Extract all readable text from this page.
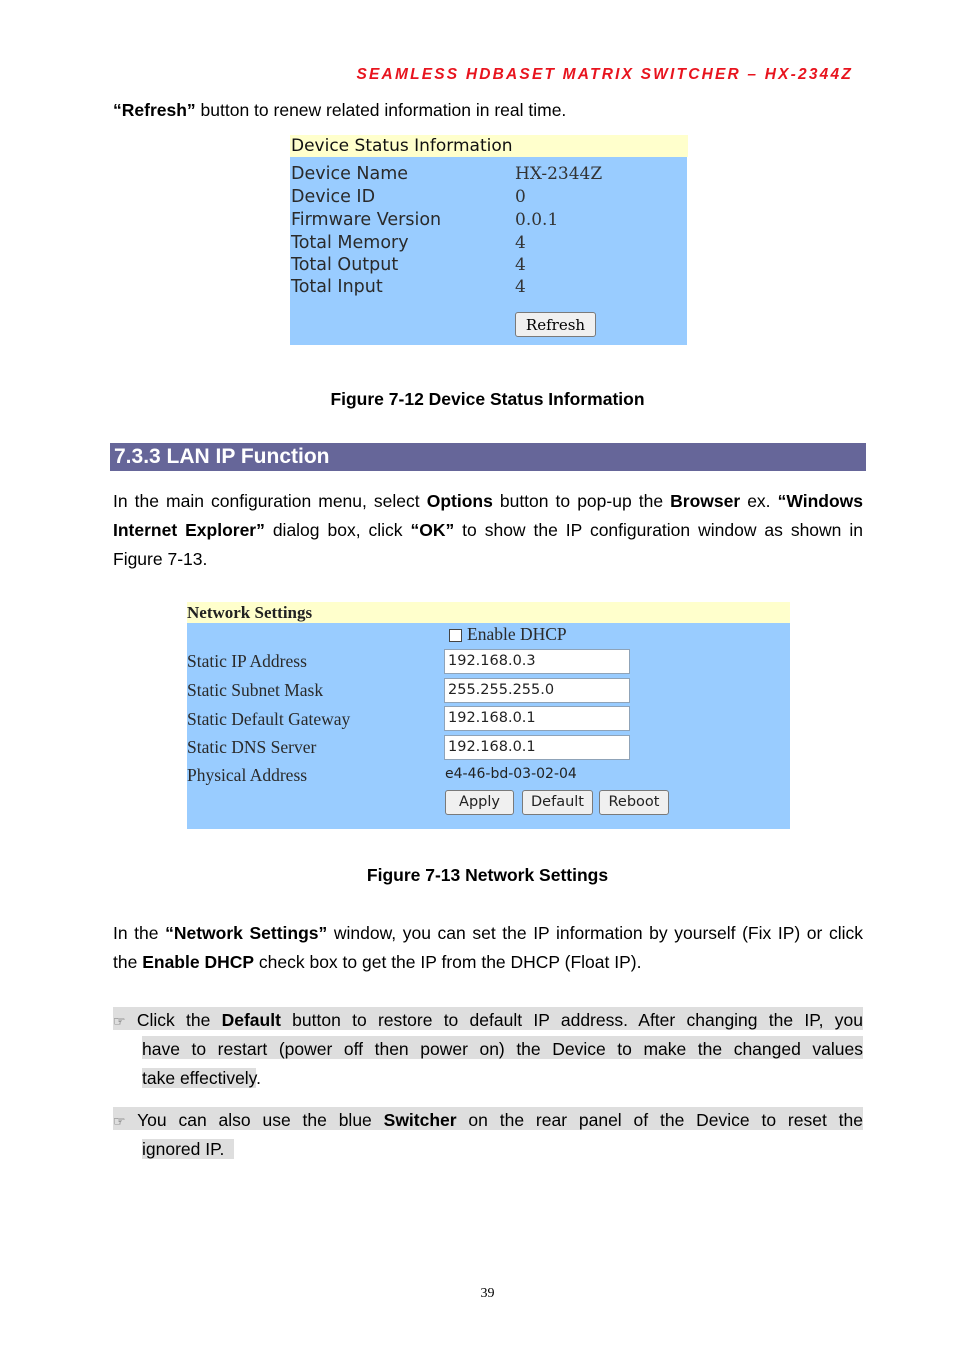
SEAMLESS HDBASET MATRIX SWITCHER – HX-2344Z
“Refresh” button to renew related information in real time.
Device Status Information
Device Name	HX-2344Z
Device ID	0
Firmware Version	0.0.1
Total Memory	4
Total Output	4
Total Input	4
Refresh
Figure 7-12 Device Status Information
7.3.3 LAN IP Function
In the main configuration menu, select Options button to pop-up the Browser ex. “Windows Internet Explorer” dialog box, click “OK” to show the IP configuration window as shown in Figure 7-13.
Network Settings
Enable DHCP
Static IP Address	192.168.0.3
Static Subnet Mask	255.255.255.0
Static Default Gateway	192.168.0.1
Static DNS Server	192.168.0.1
Physical Address	e4-46-bd-03-02-04
Apply	Default	Reboot
Figure 7-13 Network Settings
In the “Network Settings” window, you can set the IP information by yourself (Fix IP) or click the Enable DHCP check box to get the IP from the DHCP (Float IP).
☞ Click the Default button to restore to default IP address. After changing the IP, you
have to restart (power off then power on) the Device to make the changed values
take effectively.
☞ You can also use the blue Switcher on the rear panel of the Device to reset the
ignored IP.
39
